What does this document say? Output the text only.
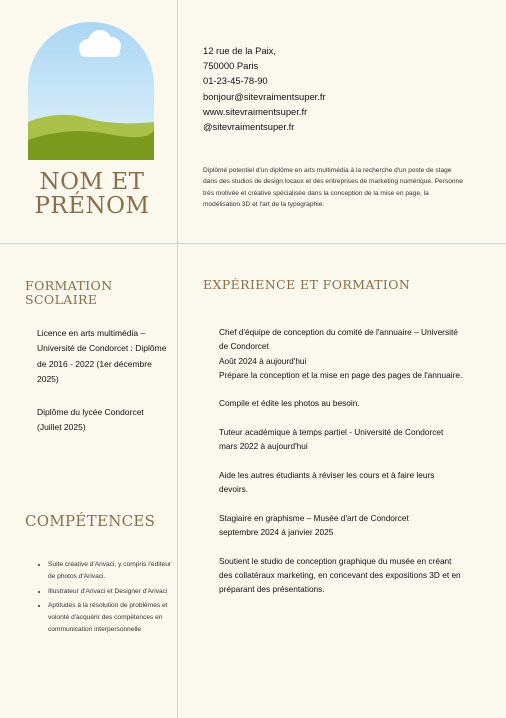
NOM ET
PRÉNOM
12 rue de la Paix,
750000 Paris
01-23-45-78-90
bonjour@sitevraimentsuper.fr
www.sitevraimentsuper.fr
@sitevraimentsuper.fr
Diplômé potentiel d'un diplôme en arts multimédia à la recherche d'un poste de stage dans des studios de design locaux et des entreprises de marketing numérique. Personne très motivée et créative spécialisée dans la conception de la mise en page, la modélisation 3D et l'art de la typographie.
FORMATION SCOLAIRE
Licence en arts multimédia – Université de Condorcet : Diplôme de 2016 - 2022 (1er décembre 2025)
Diplôme du lycée Condorcet (Juillet 2025)
COMPÉTENCES
• Suite créative d'Arivaci, y compris l'éditeur de photos d'Arivaci.
• Illustrateur d'Arivaci et Designer d'Arivaci
• Aptitudes à la résolution de problèmes et volonté d'acquérir des compétences en communication interpersonnelle
EXPÉRIENCE ET FORMATION
Chef d'équipe de conception du comité de l'annuaire – Université de Condorcet
Août 2024 à aujourd'hui

Prépare la conception et la mise en page des pages de l'annuaire.

Compile et édite les photos au besoin.

Tuteur académique à temps partiel - Université de Condorcet

mars 2022 à aujourd'hui

Aide les autres étudiants à réviser les cours et à faire leurs devoirs.

Stagiaire en graphisme – Musée d'art de Condorcet

septembre 2024 à janvier 2025

Soutient le studio de conception graphique du musée en créant des collatéraux marketing, en concevant des expositions 3D et en préparant des présentations.
